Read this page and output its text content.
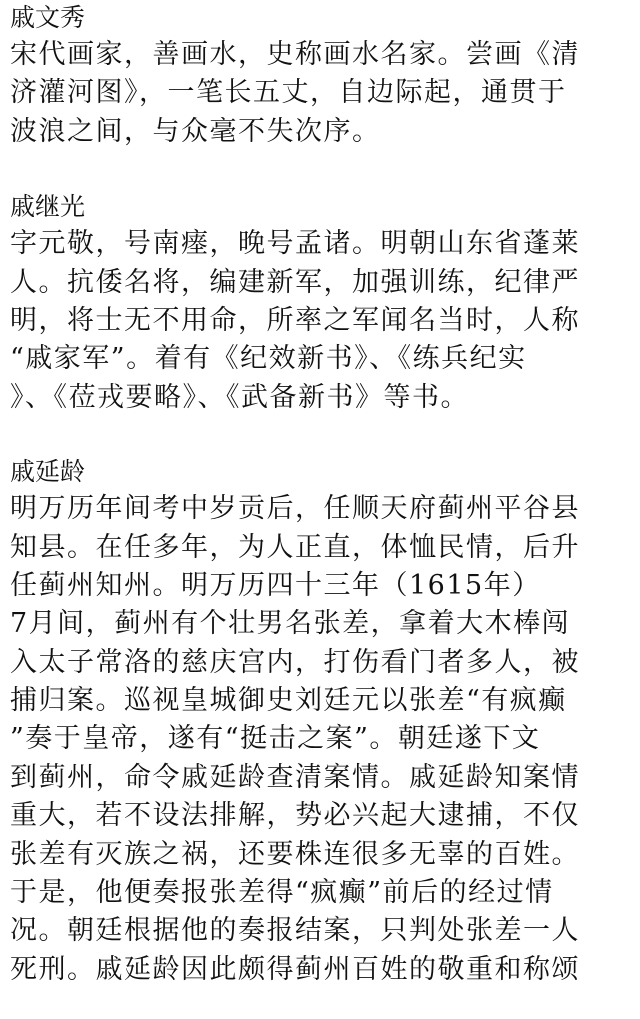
戚文秀

宋代画家，善画水，史称画水名家。尝画《清

济灌河图》，一笔长五丈，自边际起，通贯于

波浪之间，与众毫不失次序。

戚继光

字元敬，号南瘗，晚号孟诸。明朝山东省蓬莱

人。抗倭名将，编建新军，加强训练，纪律严

明，将士无不用命，所率之军闻名当时，人称

“戚家军”。着有《纪效新书》、《练兵纪实

》、《莅戎要略》、《武备新书》等书。

戚延龄

明万历年间考中岁贡后，任顺天府蓟州平谷县

知县。在任多年，为人正直，体恤民情，后升

任蓟州知州。明万历四十三年（1615年）

7月间，蓟州有个壮男名张差，拿着大木棒闯

入太子常洛的慈庆宫内，打伤看门者多人，被

捕归案。巡视皇城御史刘廷元以张差“有疯癫

”奏于皇帝，遂有“挺击之案”。朝廷遂下文

到蓟州，命令戚延龄查清案情。戚延龄知案情

重大，若不设法排解，势必兴起大逮捕，不仅

张差有灭族之祸，还要株连很多无辜的百姓。

于是，他便奏报张差得“疯癫”前后的经过情

况。朝廷根据他的奏报结案，只判处张差一人

死刑。戚延龄因此颇得蓟州百姓的敬重和称颂
